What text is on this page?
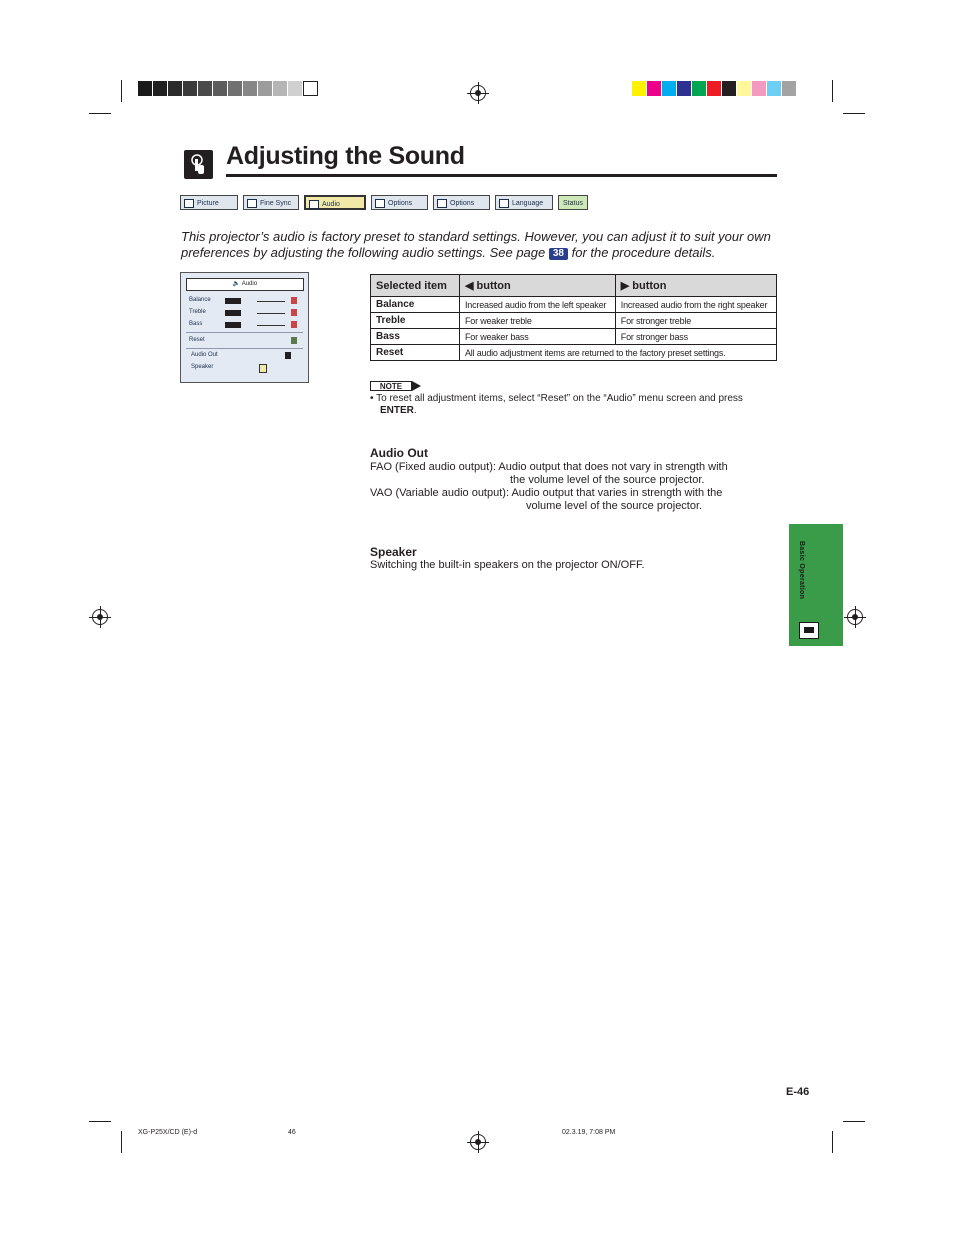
Adjusting the Sound
Picture	Fine Sync	Audio	Options	Options	Language	Status
This projector’s audio is factory preset to standard settings. However, you can adjust it to suit your own preferences by adjusting the following audio settings. See page 38 for the procedure details.
🔈 Audio
Balance
Treble
Bass
Reset
Audio Out
Speaker
Selected item	◀ button	▶ button
Balance	Increased audio from the left speaker	Increased audio from the right speaker
Treble	For weaker treble	For stronger treble
Bass	For weaker bass	For stronger bass
Reset	All audio adjustment items are returned to the factory preset settings.	
NOTE
• To reset all adjustment items, select “Reset” on the “Audio” menu screen and press
ENTER.
Audio Out
FAO (Fixed audio output): Audio output that does not vary in strength with
the volume level of the source projector.
VAO (Variable audio output): Audio output that varies in strength with the
volume level of the source projector.
Speaker
Switching the built-in speakers on the projector ON/OFF.	Basic Operation
E-46
XG-P25X/CD (E)-d	46	02.3.19, 7:08 PM
